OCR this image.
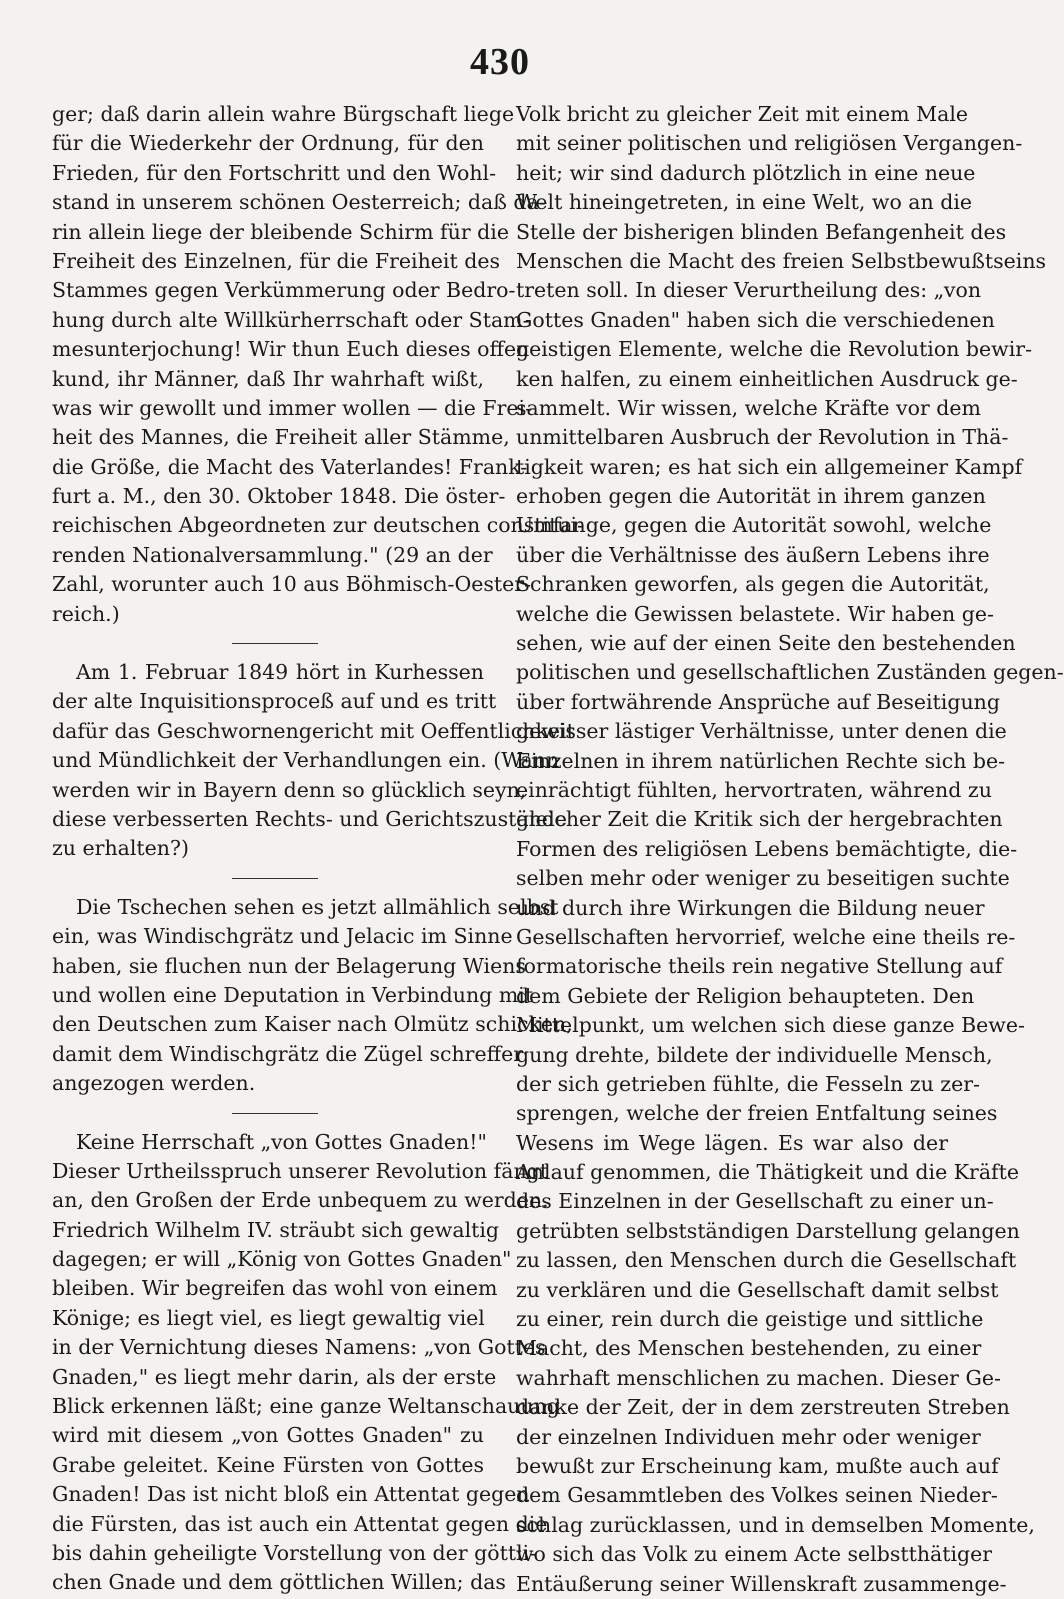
430
ger; daß darin allein wahre Bürgschaft liege
für die Wiederkehr der Ordnung, für den
Frieden, für den Fortschritt und den Wohl-
stand in unserem schönen Oesterreich; daß da-
rin allein liege der bleibende Schirm für die
Freiheit des Einzelnen, für die Freiheit des
Stammes gegen Verkümmerung oder Bedro-
hung durch alte Willkürherrschaft oder Stam-
mesunterjochung! Wir thun Euch dieses offen
kund, ihr Männer, daß Ihr wahrhaft wißt,
was wir gewollt und immer wollen — die Frei-
heit des Mannes, die Freiheit aller Stämme,
die Größe, die Macht des Vaterlandes! Frank-
furt a. M., den 30. Oktober 1848. Die öster-
reichischen Abgeordneten zur deutschen constitui-
renden Nationalversammlung." (29 an der
Zahl, worunter auch 10 aus Böhmisch-Oester-
reich.)
Am 1. Februar 1849 hört in Kurhessen
der alte Inquisitionsproceß auf und es tritt
dafür das Geschwornengericht mit Oeffentlichkeit
und Mündlichkeit der Verhandlungen ein. (Wann
werden wir in Bayern denn so glücklich seyn,
diese verbesserten Rechts- und Gerichtszustände
zu erhalten?)
Die Tschechen sehen es jetzt allmählich selbst
ein, was Windischgrätz und Jelacic im Sinne
haben, sie fluchen nun der Belagerung Wiens
und wollen eine Deputation in Verbindung mit
den Deutschen zum Kaiser nach Olmütz schicken,
damit dem Windischgrätz die Zügel schreffer
angezogen werden.
Keine Herrschaft „von Gottes Gnaden!"
Dieser Urtheilsspruch unserer Revolution fängt
an, den Großen der Erde unbequem zu werden.
Friedrich Wilhelm IV. sträubt sich gewaltig
dagegen; er will „König von Gottes Gnaden"
bleiben. Wir begreifen das wohl von einem
Könige; es liegt viel, es liegt gewaltig viel
in der Vernichtung dieses Namens: „von Gottes
Gnaden," es liegt mehr darin, als der erste
Blick erkennen läßt; eine ganze Weltanschauung
wird mit diesem „von Gottes Gnaden" zu
Grabe geleitet. Keine Fürsten von Gottes
Gnaden! Das ist nicht bloß ein Attentat gegen
die Fürsten, das ist auch ein Attentat gegen die
bis dahin geheiligte Vorstellung von der göttli-
chen Gnade und dem göttlichen Willen; das
Volk bricht zu gleicher Zeit mit einem Male
mit seiner politischen und religiösen Vergangen-
heit; wir sind dadurch plötzlich in eine neue
Welt hineingetreten, in eine Welt, wo an die
Stelle der bisherigen blinden Befangenheit des
Menschen die Macht des freien Selbstbewußtseins
treten soll. In dieser Verurtheilung des: „von
Gottes Gnaden" haben sich die verschiedenen
geistigen Elemente, welche die Revolution bewir-
ken halfen, zu einem einheitlichen Ausdruck ge-
sammelt. Wir wissen, welche Kräfte vor dem
unmittelbaren Ausbruch der Revolution in Thä-
tigkeit waren; es hat sich ein allgemeiner Kampf
erhoben gegen die Autorität in ihrem ganzen
Umfange, gegen die Autorität sowohl, welche
über die Verhältnisse des äußern Lebens ihre
Schranken geworfen, als gegen die Autorität,
welche die Gewissen belastete. Wir haben ge-
sehen, wie auf der einen Seite den bestehenden
politischen und gesellschaftlichen Zuständen gegen-
über fortwährende Ansprüche auf Beseitigung
gewisser lästiger Verhältnisse, unter denen die
Einzelnen in ihrem natürlichen Rechte sich be-
einrächtigt fühlten, hervortraten, während zu
gleicher Zeit die Kritik sich der hergebrachten
Formen des religiösen Lebens bemächtigte, die-
selben mehr oder weniger zu beseitigen suchte
und durch ihre Wirkungen die Bildung neuer
Gesellschaften hervorrief, welche eine theils re-
formatorische theils rein negative Stellung auf
dem Gebiete der Religion behaupteten. Den
Mittelpunkt, um welchen sich diese ganze Bewe-
gung drehte, bildete der individuelle Mensch,
der sich getrieben fühlte, die Fesseln zu zer-
sprengen, welche der freien Entfaltung seines
Wesens im Wege lägen. Es war also der
Anlauf genommen, die Thätigkeit und die Kräfte
des Einzelnen in der Gesellschaft zu einer un-
getrübten selbstständigen Darstellung gelangen
zu lassen, den Menschen durch die Gesellschaft
zu verklären und die Gesellschaft damit selbst
zu einer, rein durch die geistige und sittliche
Macht, des Menschen bestehenden, zu einer
wahrhaft menschlichen zu machen. Dieser Ge-
danke der Zeit, der in dem zerstreuten Streben
der einzelnen Individuen mehr oder weniger
bewußt zur Erscheinung kam, mußte auch auf
dem Gesammtleben des Volkes seinen Nieder-
schlag zurücklassen, und in demselben Momente,
wo sich das Volk zu einem Acte selbstthätiger
Entäußerung seiner Willenskraft zusammenge-
